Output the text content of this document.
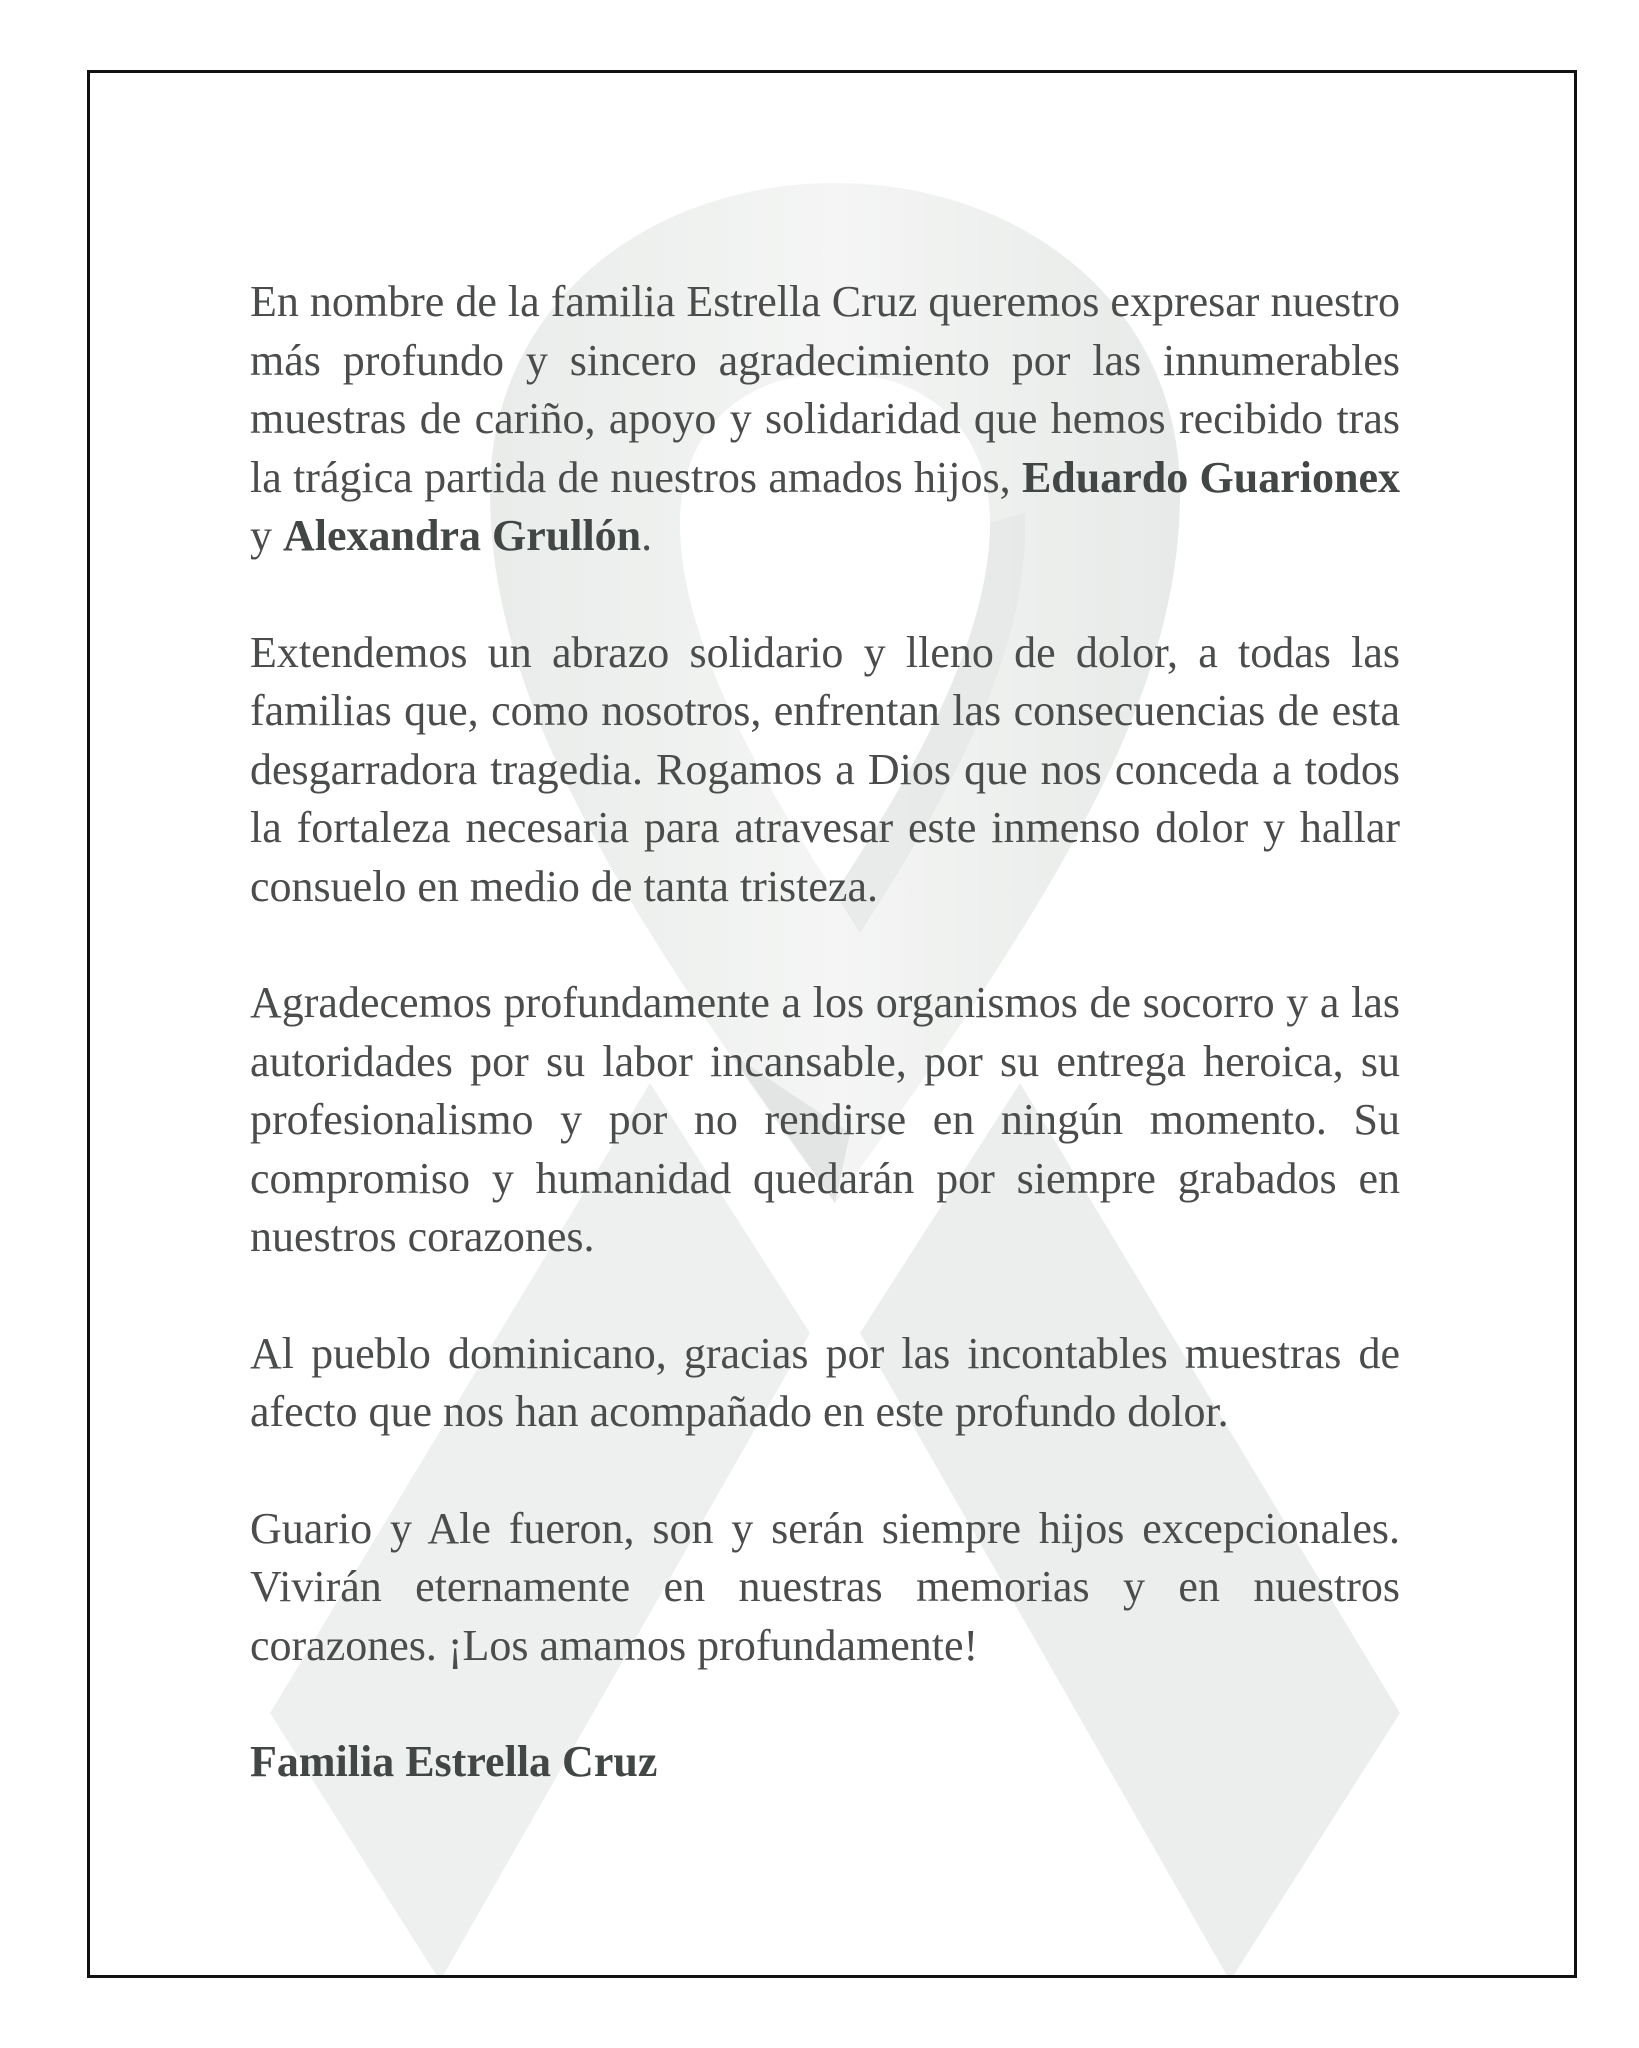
En nombre de la familia Estrella Cruz queremos expresar nuestro más profundo y sincero agradecimiento por las innumerables muestras de cariño, apoyo y solidaridad que hemos recibido tras la trágica partida de nuestros amados hijos, Eduardo Guarionex y Alexandra Grullón.

Extendemos un abrazo solidario y lleno de dolor, a todas las familias que, como nosotros, enfrentan las consecuencias de esta desgarradora tragedia. Rogamos a Dios que nos conceda a todos la fortaleza necesaria para atravesar este inmenso dolor y hallar consuelo en medio de tanta tristeza.

Agradecemos profundamente a los organismos de socorro y a las autoridades por su labor incansable, por su entrega heroica, su profesionalismo y por no rendirse en ningún momento. Su compromiso y humanidad quedarán por siempre grabados en nuestros corazones.

Al pueblo dominicano, gracias por las incontables muestras de afecto que nos han acompañado en este profundo dolor.

Guario y Ale fueron, son y serán siempre hijos excepcionales. Vivirán eternamente en nuestras memorias y en nuestros corazones. ¡Los amamos profundamente!

Familia Estrella Cruz
